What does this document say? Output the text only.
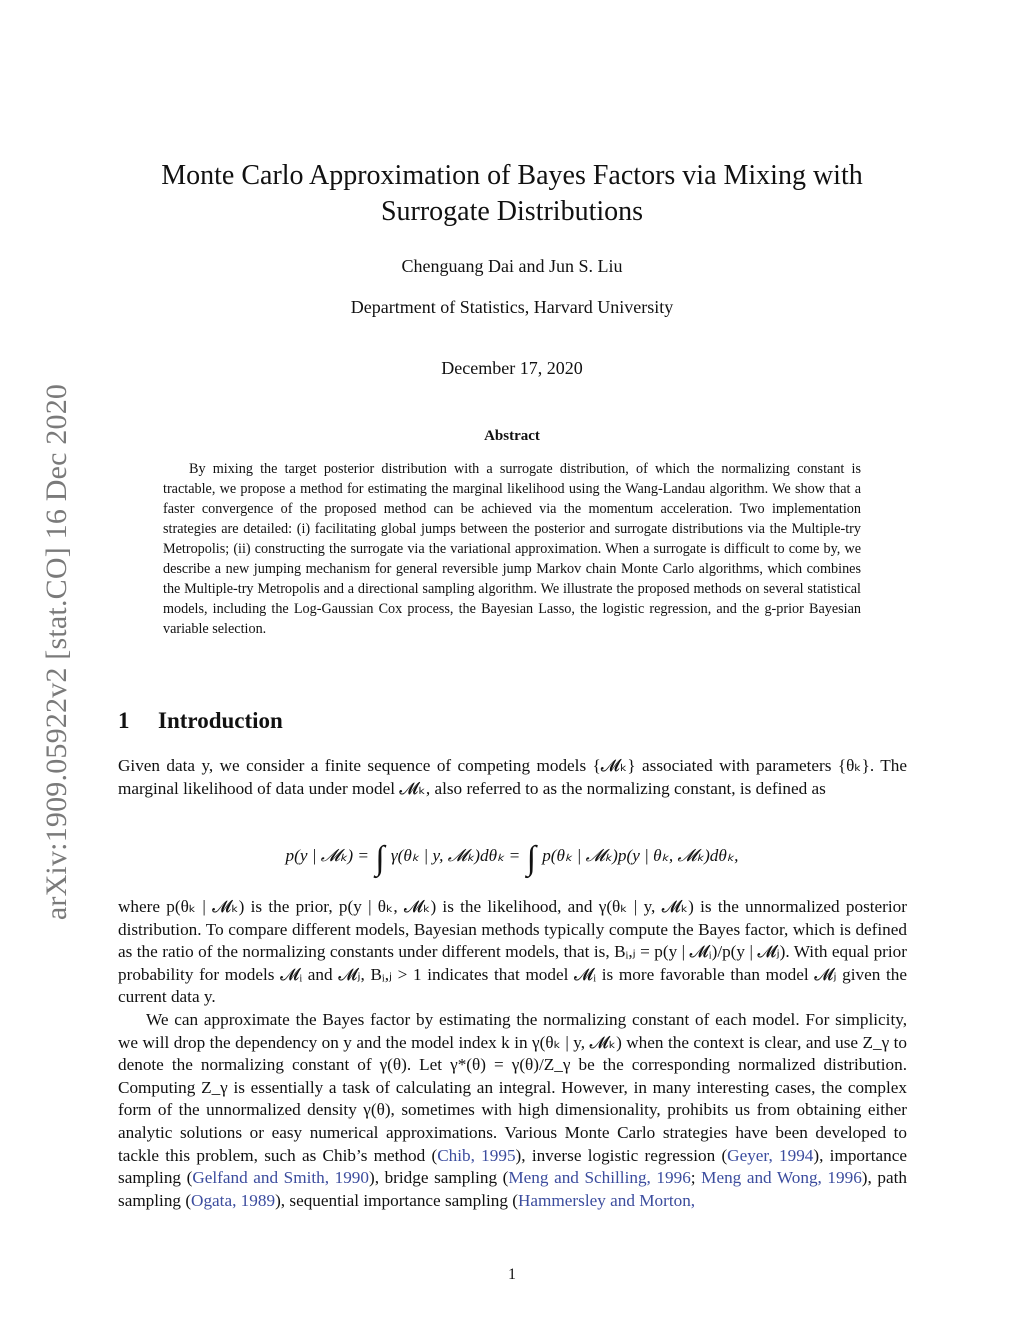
arXiv:1909.05922v2 [stat.CO] 16 Dec 2020
Monte Carlo Approximation of Bayes Factors via Mixing with
Surrogate Distributions
Chenguang Dai and Jun S. Liu
Department of Statistics, Harvard University
December 17, 2020
Abstract

By mixing the target posterior distribution with a surrogate distribution, of which the normalizing constant is tractable, we propose a method for estimating the marginal likelihood using the Wang-Landau algorithm. We show that a faster convergence of the proposed method can be achieved via the momentum acceleration. Two implementation strategies are detailed: (i) facilitating global jumps between the posterior and surrogate distributions via the Multiple-try Metropolis; (ii) constructing the surrogate via the variational approximation. When a surrogate is difficult to come by, we describe a new jumping mechanism for general reversible jump Markov chain Monte Carlo algorithms, which combines the Multiple-try Metropolis and a directional sampling algorithm. We illustrate the proposed methods on several statistical models, including the Log-Gaussian Cox process, the Bayesian Lasso, the logistic regression, and the g-prior Bayesian variable selection.

1 Introduction

Given data y, we consider a finite sequence of competing models {𝓜ₖ} associated with parameters {θₖ}. The marginal likelihood of data under model 𝓜ₖ, also referred to as the normalizing constant, is defined as

p(y | 𝓜ₖ) = ∫ γ(θₖ | y, 𝓜ₖ)dθₖ = ∫ p(θₖ | 𝓜ₖ)p(y | θₖ, 𝓜ₖ)dθₖ,

where p(θₖ | 𝓜ₖ) is the prior, p(y | θₖ, 𝓜ₖ) is the likelihood, and γ(θₖ | y, 𝓜ₖ) is the unnormalized posterior distribution. To compare different models, Bayesian methods typically compute the Bayes factor, which is defined as the ratio of the normalizing constants under different models, that is, Bᵢ,ⱼ = p(y | 𝓜ᵢ)/p(y | 𝓜ⱼ). With equal prior probability for models 𝓜ᵢ and 𝓜ⱼ, Bᵢ,ⱼ > 1 indicates that model 𝓜ᵢ is more favorable than model 𝓜ⱼ given the current data y.

We can approximate the Bayes factor by estimating the normalizing constant of each model. For simplicity, we will drop the dependency on y and the model index k in γ(θₖ | y, 𝓜ₖ) when the context is clear, and use Z_γ to denote the normalizing constant of γ(θ). Let γ*(θ) = γ(θ)/Z_γ be the corresponding normalized distribution. Computing Z_γ is essentially a task of calculating an integral. However, in many interesting cases, the complex form of the unnormalized density γ(θ), sometimes with high dimensionality, prohibits us from obtaining either analytic solutions or easy numerical approximations. Various Monte Carlo strategies have been developed to tackle this problem, such as Chib’s method (Chib, 1995), inverse logistic regression (Geyer, 1994), importance sampling (Gelfand and Smith, 1990), bridge sampling (Meng and Schilling, 1996; Meng and Wong, 1996), path sampling (Ogata, 1989), sequential importance sampling (Hammersley and Morton,

1
